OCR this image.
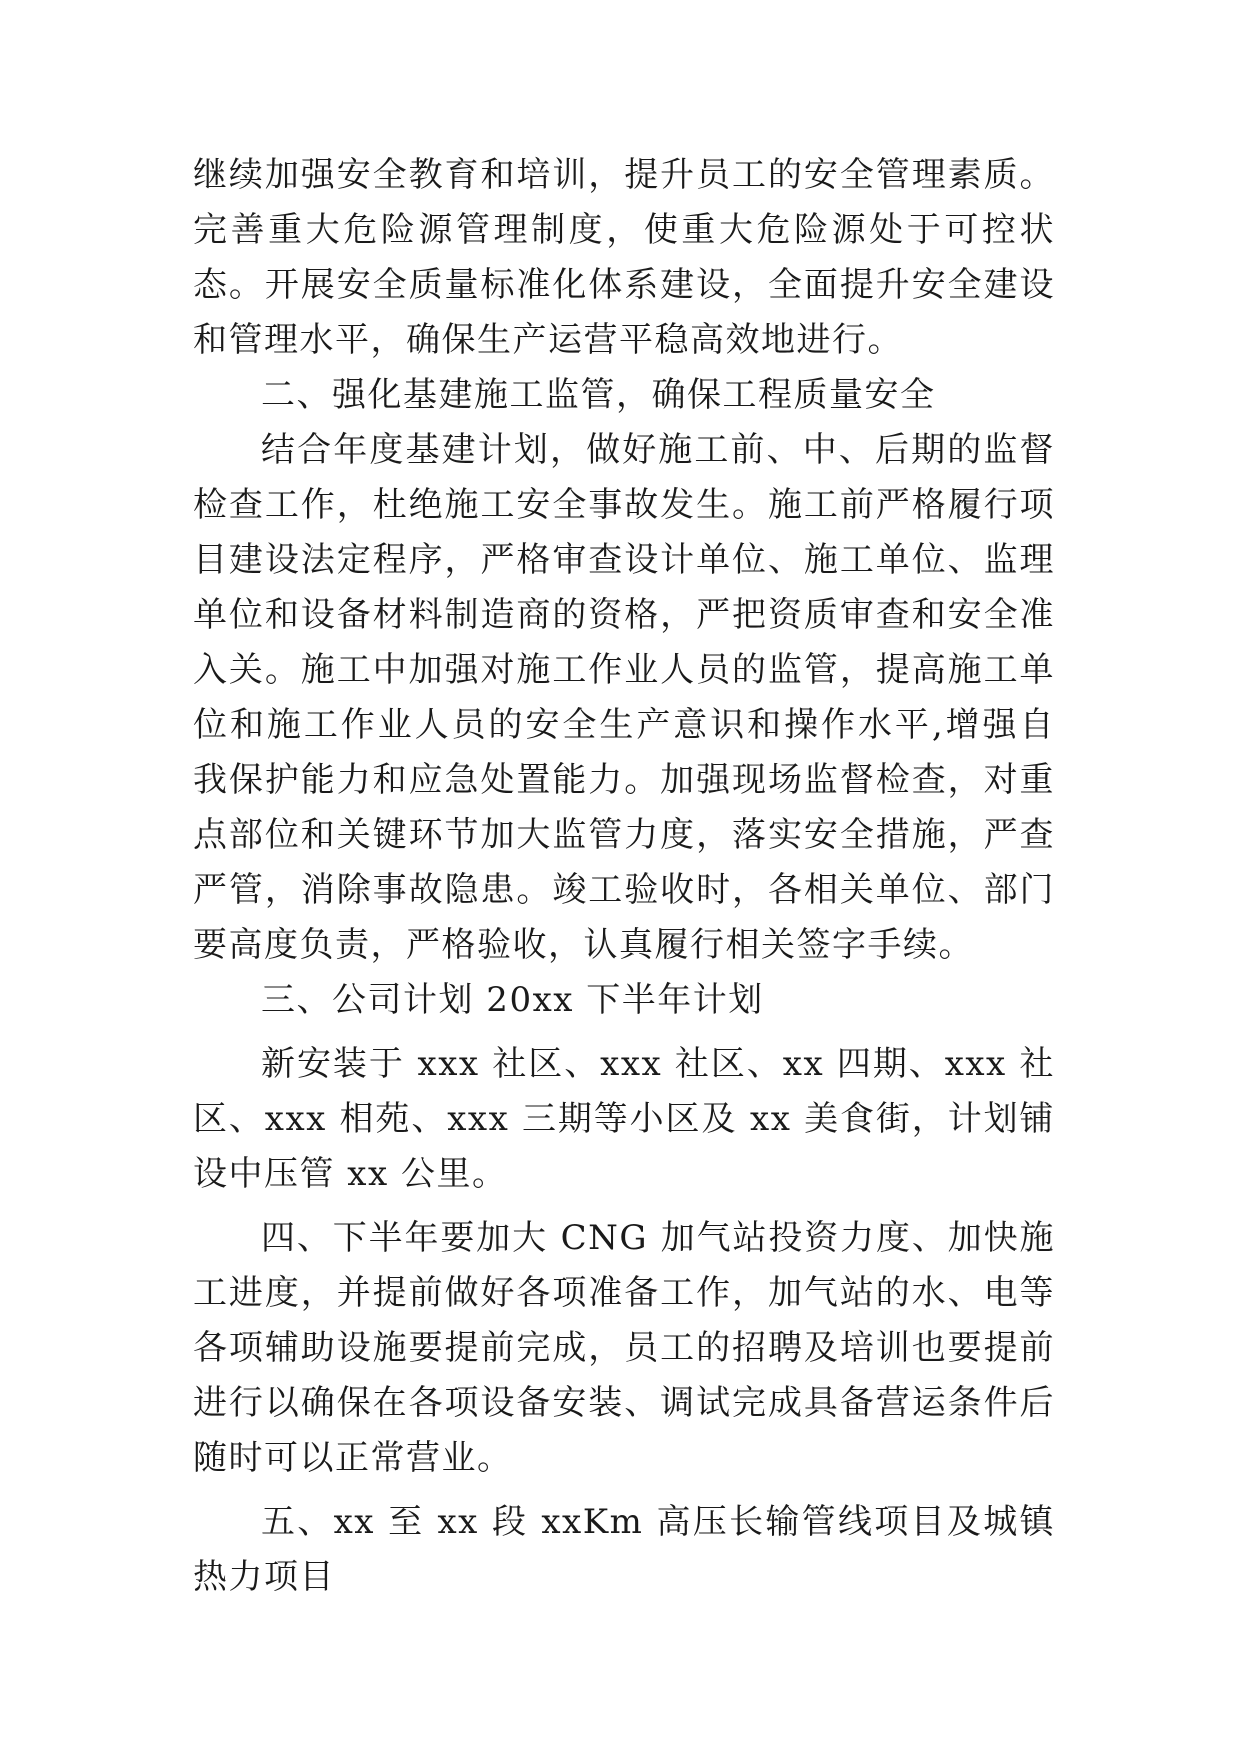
继续加强安全教育和培训，提升员工的安全管理素质。完善重大危险源管理制度，使重大危险源处于可控状态。开展安全质量标准化体系建设，全面提升安全建设和管理水平，确保生产运营平稳高效地进行。

二、强化基建施工监管，确保工程质量安全

结合年度基建计划，做好施工前、中、后期的监督检查工作，杜绝施工安全事故发生。施工前严格履行项目建设法定程序，严格审查设计单位、施工单位、监理单位和设备材料制造商的资格，严把资质审查和安全准入关。施工中加强对施工作业人员的监管，提高施工单位和施工作业人员的安全生产意识和操作水平,增强自我保护能力和应急处置能力。加强现场监督检查，对重点部位和关键环节加大监管力度，落实安全措施，严查严管，消除事故隐患。竣工验收时，各相关单位、部门要高度负责，严格验收，认真履行相关签字手续。

三、公司计划 20xx 下半年计划

新安装于 xxx 社区、xxx 社区、xx 四期、xxx 社区、xxx 相苑、xxx 三期等小区及 xx 美食街，计划铺设中压管 xx 公里。

四、下半年要加大 CNG 加气站投资力度、加快施工进度，并提前做好各项准备工作，加气站的水、电等各项辅助设施要提前完成，员工的招聘及培训也要提前进行以确保在各项设备安装、调试完成具备营运条件后随时可以正常营业。

五、xx 至 xx 段 xxKm 高压长输管线项目及城镇热力项目
